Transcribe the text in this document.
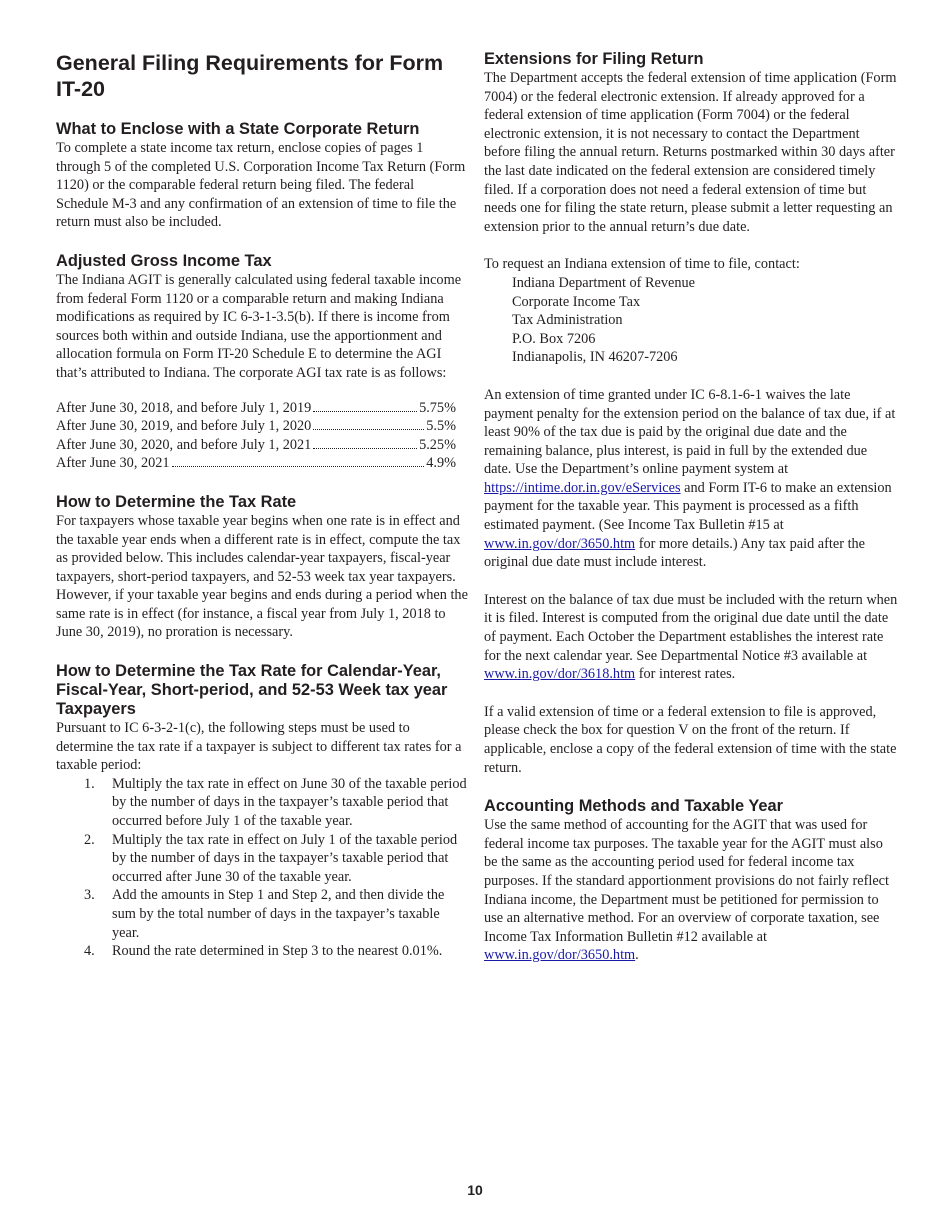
General Filing Requirements for Form IT-20
What to Enclose with a State Corporate Return

To complete a state income tax return, enclose copies of pages 1 through 5 of the completed U.S. Corporation Income Tax Return (Form 1120) or the comparable federal return being filed. The federal Schedule M-3 and any confirmation of an extension of time to file the return must also be included.

Adjusted Gross Income Tax

The Indiana AGIT is generally calculated using federal taxable income from federal Form 1120 or a comparable return and making Indiana modifications as required by IC 6-3-1-3.5(b). If there is income from sources both within and outside Indiana, use the apportionment and allocation formula on Form IT-20 Schedule E to determine the AGI that’s attributed to Indiana. The corporate AGI tax rate is as follows:

After June 30, 2018, and before July 1, 2019	5.75%
After June 30, 2019, and before July 1, 2020	5.5%
After June 30, 2020, and before July 1, 2021	5.25%
After June 30, 2021	4.9%
How to Determine the Tax Rate

For taxpayers whose taxable year begins when one rate is in effect and the taxable year ends when a different rate is in effect, compute the tax as provided below. This includes calendar-year taxpayers, fiscal-year taxpayers, short-period taxpayers, and 52-53 week tax year taxpayers. However, if your taxable year begins and ends during a period when the same rate is in effect (for instance, a fiscal year from July 1, 2018 to June 30, 2019), no proration is necessary.

How to Determine the Tax Rate for Calendar-Year, Fiscal-Year, Short-period, and 52-53 Week tax year Taxpayers

Pursuant to IC 6-3-2-1(c), the following steps must be used to determine the tax rate if a taxpayer is subject to different tax rates for a taxable period:

1.	Multiply the tax rate in effect on June 30 of the taxable period by the number of days in the taxpayer’s taxable period that occurred before July 1 of the taxable year.
2.	Multiply the tax rate in effect on July 1 of the taxable period by the number of days in the taxpayer’s taxable period that occurred after June 30 of the taxable year.
3.	Add the amounts in Step 1 and Step 2, and then divide the sum by the total number of days in the taxpayer’s taxable year.
4.	Round the rate determined in Step 3 to the nearest 0.01%.
Extensions for Filing Return

The Department accepts the federal extension of time application (Form 7004) or the federal electronic extension. If already approved for a federal extension of time application (Form 7004) or the federal electronic extension, it is not necessary to contact the Department before filing the annual return. Returns postmarked within 30 days after the last date indicated on the federal extension are considered timely filed. If a corporation does not need a federal extension of time but needs one for filing the state return, please submit a letter requesting an extension prior to the annual return’s due date.

To request an Indiana extension of time to file, contact:

Indiana Department of Revenue
Corporate Income Tax
Tax Administration
P.O. Box 7206
Indianapolis, IN 46207-7206

An extension of time granted under IC 6-8.1-6-1 waives the late payment penalty for the extension period on the balance of tax due, if at least 90% of the tax due is paid by the original due date and the remaining balance, plus interest, is paid in full by the extended due date. Use the Department’s online payment system at https://intime.dor.in.gov/eServices and Form IT-6 to make an extension payment for the taxable year. This payment is processed as a fifth estimated payment. (See Income Tax Bulletin #15 at www.in.gov/dor/3650.htm for more details.) Any tax paid after the original due date must include interest.

Interest on the balance of tax due must be included with the return when it is filed. Interest is computed from the original due date until the date of payment. Each October the Department establishes the interest rate for the next calendar year. See Departmental Notice #3 available at www.in.gov/dor/3618.htm for interest rates.

If a valid extension of time or a federal extension to file is approved, please check the box for question V on the front of the return. If applicable, enclose a copy of the federal extension of time with the state return.

Accounting Methods and Taxable Year

Use the same method of accounting for the AGIT that was used for federal income tax purposes. The taxable year for the AGIT must also be the same as the accounting period used for federal income tax purposes. If the standard apportionment provisions do not fairly reflect Indiana income, the Department must be petitioned for permission to use an alternative method. For an overview of corporate taxation, see Income Tax Information Bulletin #12 available at www.in.gov/dor/3650.htm.

10
